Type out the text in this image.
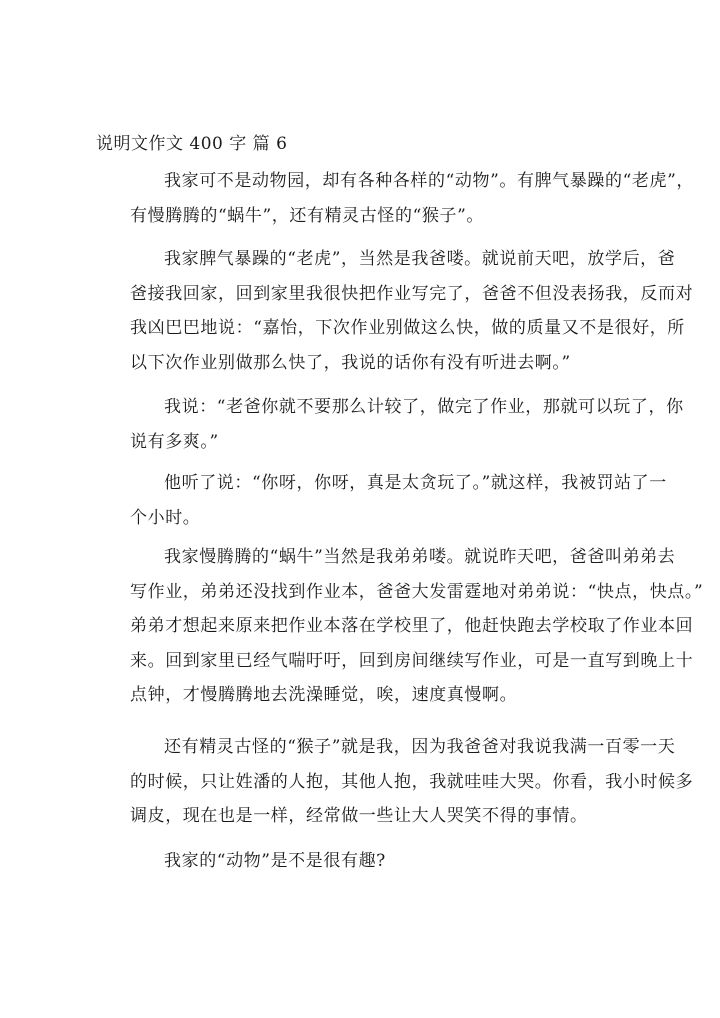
说明文作文 400 字 篇 6
我家可不是动物园，却有各种各样的“动物”。有脾气暴躁的“老虎”，
有慢腾腾的“蜗牛”，还有精灵古怪的“猴子”。
我家脾气暴躁的“老虎”，当然是我爸喽。就说前天吧，放学后，爸
爸接我回家，回到家里我很快把作业写完了，爸爸不但没表扬我，反而对
我凶巴巴地说：“嘉怡，下次作业别做这么快，做的质量又不是很好，所
以下次作业别做那么快了，我说的话你有没有听进去啊。”
我说：“老爸你就不要那么计较了，做完了作业，那就可以玩了，你
说有多爽。”
他听了说：“你呀，你呀，真是太贪玩了。”就这样，我被罚站了一
个小时。
我家慢腾腾的“蜗牛”当然是我弟弟喽。就说昨天吧，爸爸叫弟弟去
写作业，弟弟还没找到作业本，爸爸大发雷霆地对弟弟说：“快点，快点。”
弟弟才想起来原来把作业本落在学校里了，他赶快跑去学校取了作业本回
来。回到家里已经气喘吁吁，回到房间继续写作业，可是一直写到晚上十
点钟，才慢腾腾地去洗澡睡觉，唉，速度真慢啊。
还有精灵古怪的“猴子”就是我，因为我爸爸对我说我满一百零一天
的时候，只让姓潘的人抱，其他人抱，我就哇哇大哭。你看，我小时候多
调皮，现在也是一样，经常做一些让大人哭笑不得的事情。
我家的“动物”是不是很有趣?
